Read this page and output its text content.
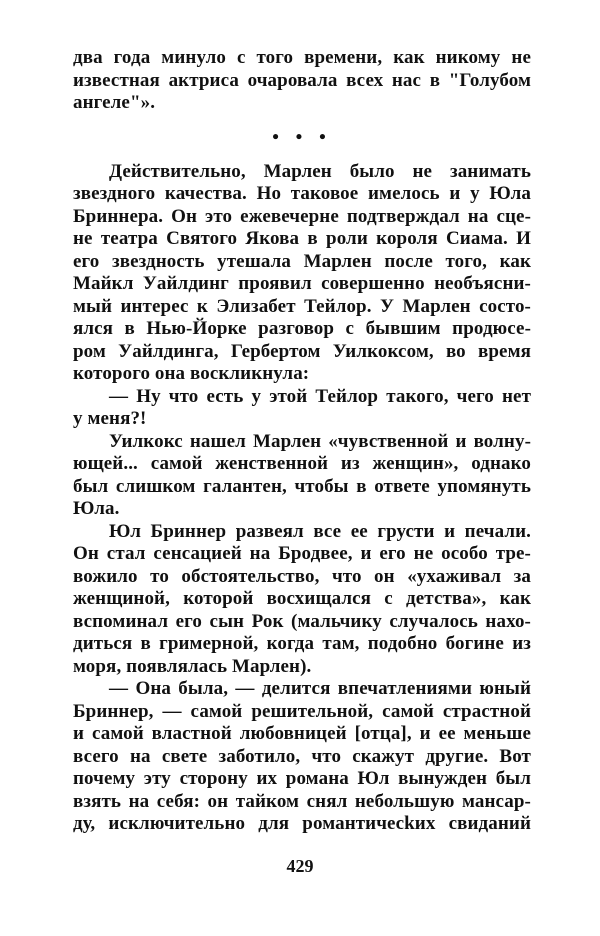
два года минуло с того времени, как никому не
известная актриса очаровала всех нас в "Голубом
ангеле"».
• • •
Действительно, Марлен было не занимать
звездного качества. Но таковое имелось и у Юла
Бриннера. Он это ежевечерне подтверждал на сце-
не театра Святого Якова в роли короля Сиама. И
его звездность утешала Марлен после того, как
Майкл Уайлдинг проявил совершенно необъясни-
мый интерес к Элизабет Тейлор. У Марлен состо-
ялся в Нью-Йорке разговор с бывшим продюсе-
ром Уайлдинга, Гербертом Уилкоксом, во время
которого она воскликнула:
— Ну что есть у этой Тейлор такого, чего нет
у меня?!
Уилкокс нашел Марлен «чувственной и волну-
ющей... самой женственной из женщин», однако
был слишком галантен, чтобы в ответе упомянуть
Юла.
Юл Бриннер развеял все ее грусти и печали.
Он стал сенсацией на Бродвее, и его не особо тре-
вожило то обстоятельство, что он «ухаживал за
женщиной, которой восхищался с детства», как
вспоминал его сын Рок (мальчику случалось нахо-
диться в гримерной, когда там, подобно богине из
моря, появлялась Марлен).
— Она была, — делится впечатлениями юный
Бриннер, — самой решительной, самой страстной
и самой властной любовницей [отца], и ее меньше
всего на свете заботило, что скажут другие. Вот
почему эту сторону их романа Юл вынужден был
взять на себя: он тайком снял небольшую мансар-
ду, исключительно для романтичеckих свиданий
429
